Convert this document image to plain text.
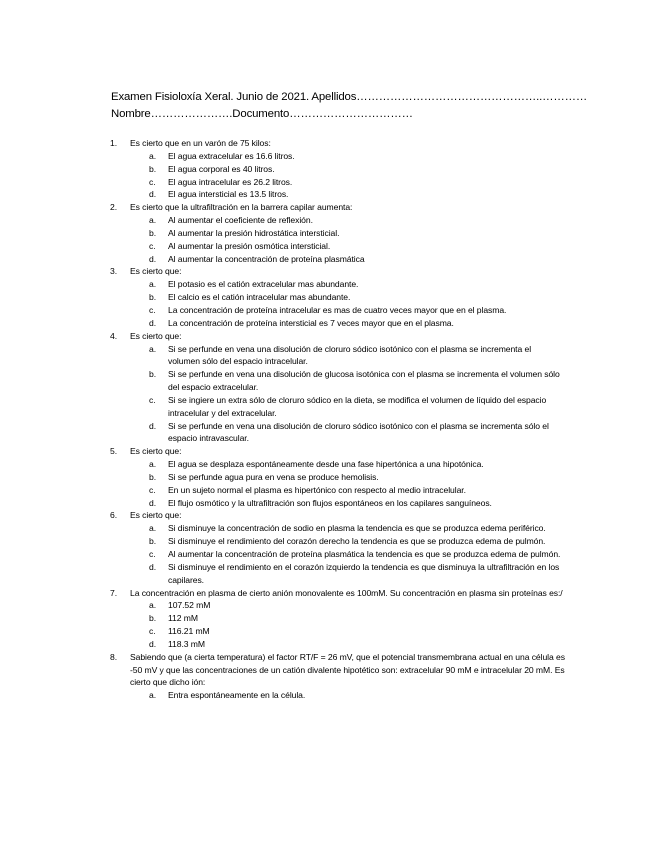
Examen Fisioloxía Xeral. Junio de 2021. Apellidos…………………………………………..…………
Nombre………………….Documento……………………………
1.	Es cierto que en un varón de 75 kilos:
a.	El agua extracelular es 16.6 litros.
b.	El agua corporal es 40 litros.
c.	El agua intracelular es 26.2 litros.
d.	El agua intersticial es 13.5 litros.
2.	Es cierto que la ultrafiltración en la barrera capilar aumenta:
a.	Al aumentar el coeficiente de reflexión.
b.	Al aumentar la presión hidrostática intersticial.
c.	Al aumentar la presión osmótica intersticial.
d.	Al aumentar la concentración de proteína plasmática
3.	Es cierto que:
a.	El potasio es el catión extracelular mas abundante.
b.	El calcio es el catión intracelular mas abundante.
c.	La concentración de proteína intracelular es mas de cuatro veces mayor que en el plasma.
d.	La concentración de proteína intersticial es 7 veces mayor que en el plasma.
4.	Es cierto que:
a.	Si se perfunde en vena una disolución de cloruro sódico isotónico con el plasma se incrementa el volumen sólo del espacio intracelular.
b.	Si se perfunde en vena una disolución de glucosa isotónica con el plasma se incrementa el volumen sólo del espacio extracelular.
c.	Si se ingiere un extra sólo de cloruro sódico en la dieta, se modifica el volumen de líquido del espacio intracelular y del extracelular.
d.	Si se perfunde en vena una disolución de cloruro sódico isotónico con el plasma se incrementa sólo el espacio intravascular.
5.	Es cierto que:
a.	El agua se desplaza espontáneamente desde una fase hipertónica a una hipotónica.
b.	Si se perfunde agua pura en vena se produce hemolisis.
c.	En un sujeto normal el plasma es hipertónico con respecto al medio intracelular.
d.	El flujo osmótico y la ultrafiltración son flujos espontáneos en los capilares sanguíneos.
6.	Es cierto que:
a.	Si disminuye la concentración de sodio en plasma la tendencia es que se produzca edema periférico.
b.	Si disminuye el rendimiento del corazón derecho la tendencia es que se produzca edema de pulmón.
c.	Al aumentar la concentración de proteína plasmática la tendencia es que se produzca edema de pulmón.
d.	Si disminuye el rendimiento en el corazón izquierdo la tendencia es que disminuya la ultrafiltración en los capilares.
7.	La concentración en plasma de cierto anión monovalente es 100mM. Su concentración en plasma sin proteínas es:/
a.	107.52 mM
b.	112 mM
c.	116.21 mM
d.	118.3 mM
8.	Sabiendo que (a cierta temperatura) el factor RT/F = 26 mV, que el potencial transmembrana actual en una célula es -50 mV y que las concentraciones de un catión divalente hipotético son: extracelular 90 mM e intracelular 20 mM. Es cierto que dicho ión:
a.	Entra espontáneamente en la célula.
